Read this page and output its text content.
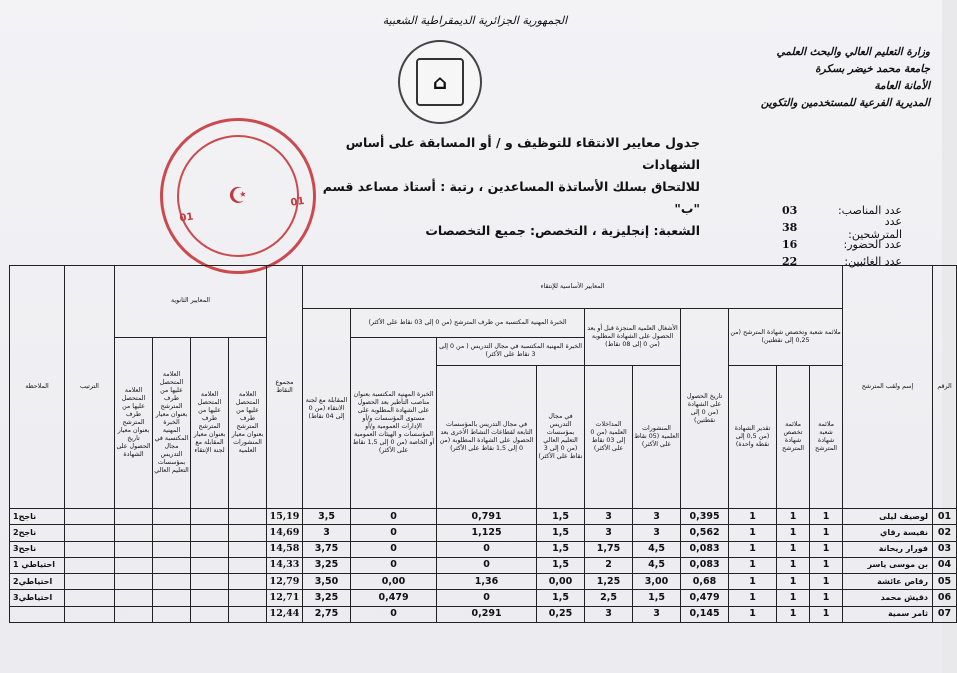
الجمهورية الجزائرية الديمقراطية الشعبية
وزارة التعليم العالي والبحث العلمي
جامعة محمد خيضر بسكرة
الأمانة العامة
المديرية الفرعية للمستخدمين والتكوين
⌂
01
☪	01
جدول معايير الانتقاء للتوظيف و / أو المسابقة على أساس الشهادات
للالتحاق بسلك الأساتذة المساعدين ، رتبة : أستاذ مساعد قسم "ب"
الشعبة: إنجليزية ، التخصص: جميع التخصصات
عدد المناصب:
03
عدد المترشحين:
38
عدد الحضور:
16
عدد الغائبين:
22
الرقم	إسم ولقب المترشح	المعايير الأساسية للإنتقاء										مجموع النقاط	المعايير الثانوية				الترتيب	الملاحظة
		ملائمة شعبة وتخصص شهادة المترشح (من 0,25 إلى نقطتين)			تاريخ الحصول على الشهادة (من 0 إلى نقطتين)	الأشغال العلمية المنجزة قبل أو بعد الحصول على الشهادة المطلوبة (من 0 إلى 08 نقاط)		الخبرة المهنية المكتسبة من طرف المترشح (من 0 إلى 03 نقاط على الأكثر)			المقابلة مع لجنة الانتقاء (من 0 إلى 04 نقاط)							
								الخبرة المهنية المكتسبة في مجال التدريس ( من 0 إلى 3 نقاط على الأكثر)		الخبرة المهنية المكتسبة بعنوان مناصب التأطير بعد الحصول على الشهادة المطلوبة على مستوى المؤسسات و/أو الإدارات العمومية و/أو المؤسسات و الهيئات العمومية أو الخاصة (من 0 إلى 1,5 نقاط على الأكثر)			العلامة المتحصل عليها من طرف المترشح بعنوان معيار المنشورات العلمية	العلامة المتحصل عليها من طرف المترشح بعنوان معيار المقابلة مع لجنة الإنتقاء	العلامة المتحصل عليها من طرف المترشح بعنوان معيار الخبرة المهنية المكتسبة في مجال التدريس بمؤسسات التعليم العالي	العلامة المتحصل عليها من طرف المترشح بعنوان معيار تاريخ الحصول على الشهادة		
		ملائمة شعبة شهادة المترشح	ملائمة تخصص شهادة المترشح	تقدير الشهادة (من 0,5 إلى نقطة واحدة)		المنشورات العلمية (05 نقاط على الأكثر)	المداخلات العلمية (من 0 إلى 03 نقاط على الأكثر)	في مجال التدريس بمؤسسات التعليم العالي (من 0 إلى 3 نقاط على الأكثر)	في مجال التدريس بالمؤسسات التابعة لقطاعات النشاط الأخرى بعد الحصول على الشهادة المطلوبة (من 0 إلى 1,5 نقاط على الأكثر)									
01	لوصيف ليلى	1	1	1	0,395	3	3	1,5	0,791	0	3,5	15,19						ناجح1
02	نفيسة رقاي	1	1	1	0,562	3	3	1,5	1,125	0	3	14,69						ناجح2
03	فورار ريحانة	1	1	1	0,083	4,5	1,75	1,5	0	0	3,75	14,58						ناجح3
04	بن موسى ياسر	1	1	1	0,083	4,5	2	1,5	0	0	3,25	14,33						احتياطي 1
05	رقاص عائشة	1	1	1	0,68	3,00	1,25	0,00	1,36	0,00	3,50	12,79						احتياطي2
06	دقيش محمد	1	1	1	0,479	1,5	2,5	1,5	0	0,479	3,25	12,71						احتياطي3
07	ثامر سمية	1	1	1	0,145	3	3	0,25	0,291	0	2,75	12,44						
